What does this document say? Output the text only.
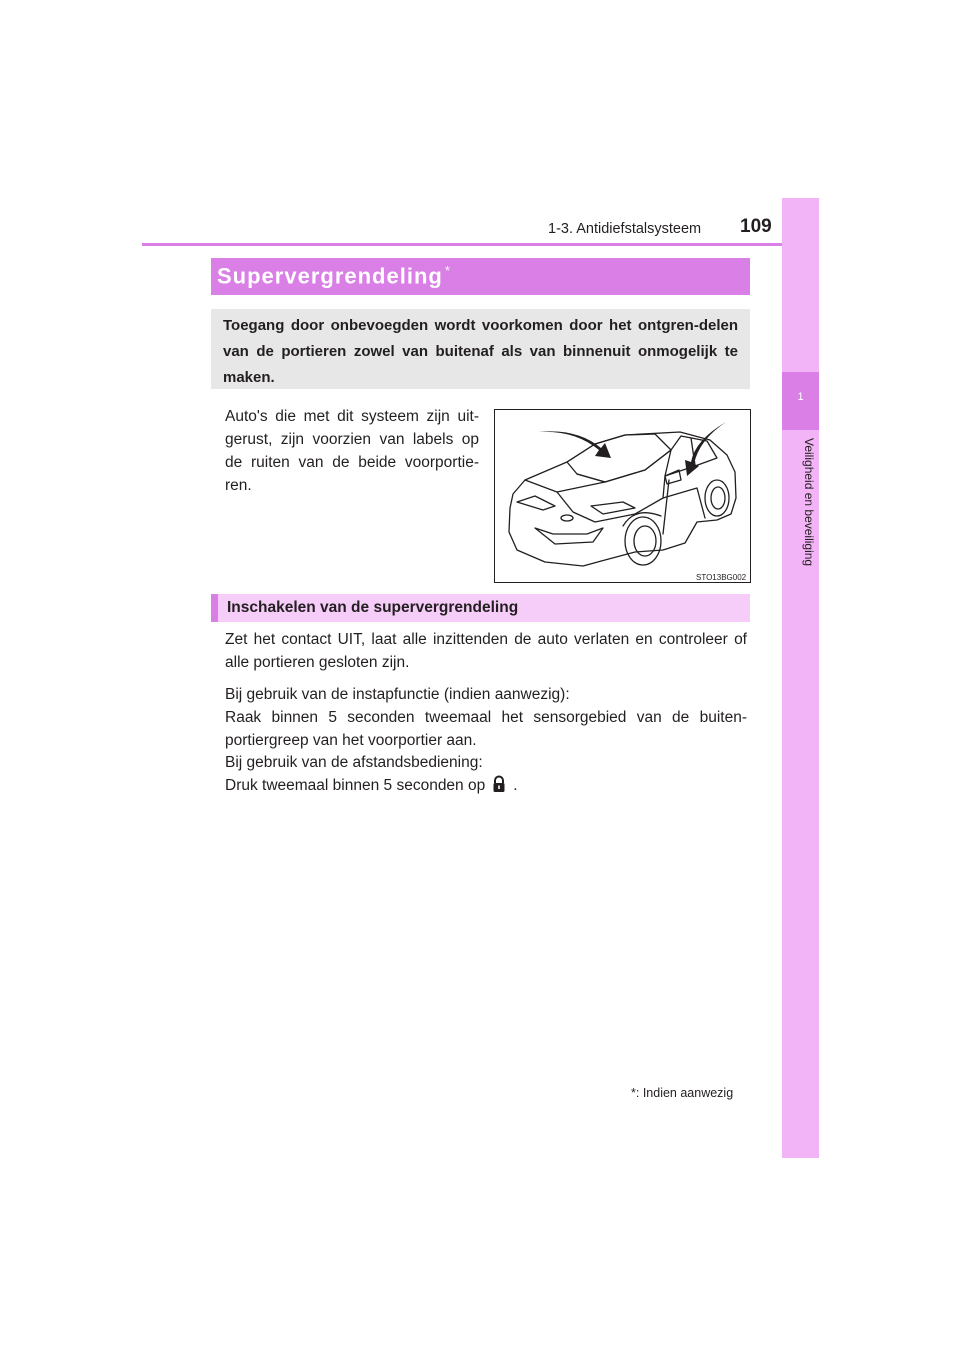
1-3. Antidiefstalsysteem 109
1
Veiligheid en beveiliging
Supervergrendeling *

Toegang door onbevoegden wordt voorkomen door het ontgren-delen van de portieren zowel van buitenaf als van binnenuit onmogelijk te maken.

Auto's die met dit systeem zijn uit-gerust, zijn voorzien van labels op de ruiten van de beide voorportie-ren.

STO13BG002
Inschakelen van de supervergrendeling

Zet het contact UIT, laat alle inzittenden de auto verlaten en controleer of alle portieren gesloten zijn.

Bij gebruik van de instapfunctie (indien aanwezig):

Raak binnen 5 seconden tweemaal het sensorgebied van de buiten-portiergreep van het voorportier aan.

Bij gebruik van de afstandsbediening:

Druk tweemaal binnen 5 seconden op .

*: Indien aanwezig
